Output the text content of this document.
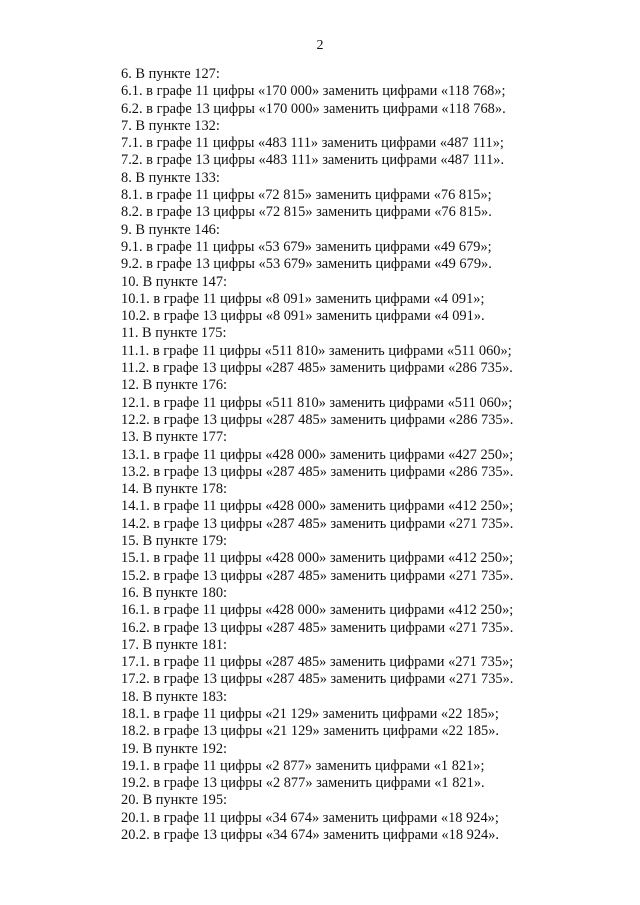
2
6. В пункте 127:
6.1. в графе 11 цифры «170 000» заменить цифрами «118 768»;
6.2. в графе 13 цифры «170 000» заменить цифрами «118 768».
7. В пункте 132:
7.1. в графе 11 цифры «483 111» заменить цифрами «487 111»;
7.2. в графе 13 цифры «483 111» заменить цифрами «487 111».
8. В пункте 133:
8.1. в графе 11 цифры «72 815» заменить цифрами «76 815»;
8.2. в графе 13 цифры «72 815» заменить цифрами «76 815».
9. В пункте 146:
9.1. в графе 11 цифры «53 679» заменить цифрами «49 679»;
9.2. в графе 13 цифры «53 679» заменить цифрами «49 679».
10. В пункте 147:
10.1. в графе 11 цифры «8 091» заменить цифрами «4 091»;
10.2. в графе 13 цифры «8 091» заменить цифрами «4 091».
11. В пункте 175:
11.1. в графе 11 цифры «511 810» заменить цифрами «511 060»;
11.2. в графе 13 цифры «287 485» заменить цифрами «286 735».
12. В пункте 176:
12.1. в графе 11 цифры «511 810» заменить цифрами «511 060»;
12.2. в графе 13 цифры «287 485» заменить цифрами «286 735».
13. В пункте 177:
13.1. в графе 11 цифры «428 000» заменить цифрами «427 250»;
13.2. в графе 13 цифры «287 485» заменить цифрами «286 735».
14. В пункте 178:
14.1. в графе 11 цифры «428 000» заменить цифрами «412 250»;
14.2. в графе 13 цифры «287 485» заменить цифрами «271 735».
15. В пункте 179:
15.1. в графе 11 цифры «428 000» заменить цифрами «412 250»;
15.2. в графе 13 цифры «287 485» заменить цифрами «271 735».
16. В пункте 180:
16.1. в графе 11 цифры «428 000» заменить цифрами «412 250»;
16.2. в графе 13 цифры «287 485» заменить цифрами «271 735».
17. В пункте 181:
17.1. в графе 11 цифры «287 485» заменить цифрами «271 735»;
17.2. в графе 13 цифры «287 485» заменить цифрами «271 735».
18. В пункте 183:
18.1. в графе 11 цифры «21 129» заменить цифрами «22 185»;
18.2. в графе 13 цифры «21 129» заменить цифрами «22 185».
19. В пункте 192:
19.1. в графе 11 цифры «2 877» заменить цифрами «1 821»;
19.2. в графе 13 цифры «2 877» заменить цифрами «1 821».
20. В пункте 195:
20.1. в графе 11 цифры «34 674» заменить цифрами «18 924»;
20.2. в графе 13 цифры «34 674» заменить цифрами «18 924».
